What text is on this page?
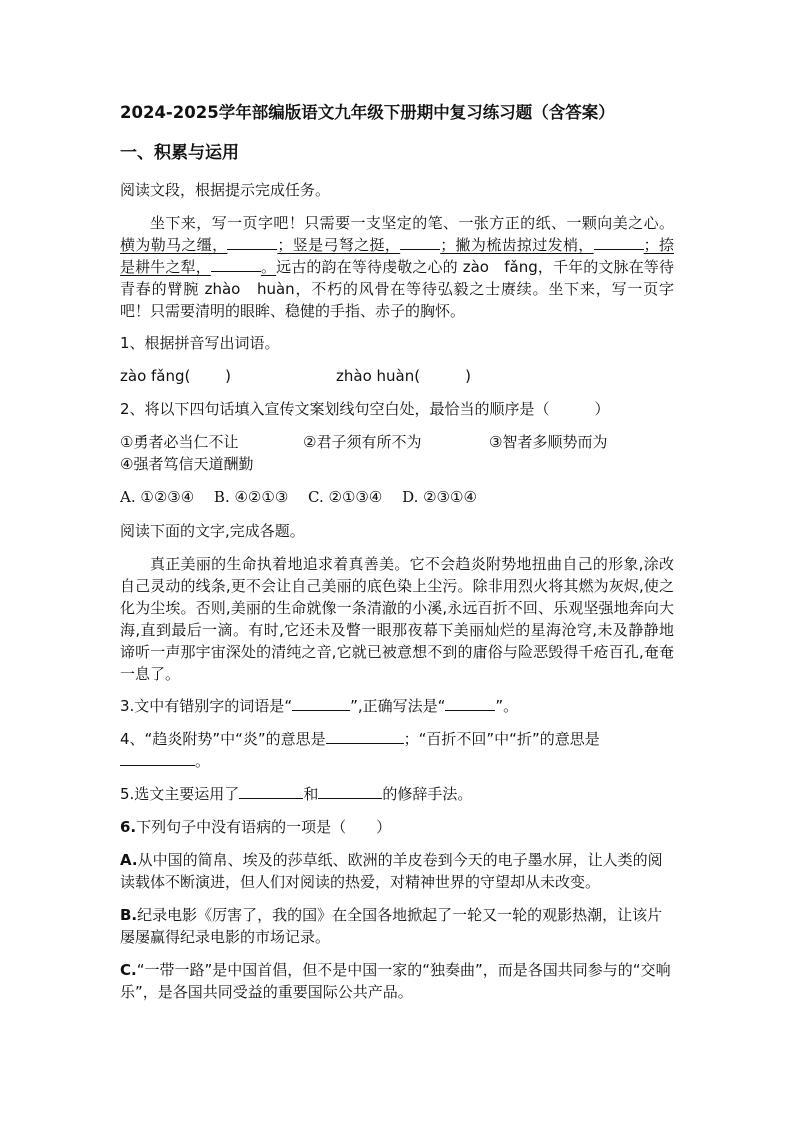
2024-2025学年部编版语文九年级下册期中复习练习题（含答案）
一、积累与运用
阅读文段，根据提示完成任务。
坐下来，写一页字吧！只需要一支坚定的笔、一张方正的纸、一颗向美之心。横为勒马之缰，	；竖是弓弩之挺，	；撇为梳齿掠过发梢，	；捺是耕牛之犁，	。远古的韵在等待虔敬之心的 zào　fǎng，千年的文脉在等待青春的臂腕 zhào　huàn，不朽的风骨在等待弘毅之士赓续。坐下来，写一页字吧！只需要清明的眼眸、稳健的手指、赤子的胸怀。
1、根据拼音写出词语。
zào fǎng(　　 )	zhào huàn(　　　)
2、将以下四句话填入宣传文案划线句空白处，最恰当的顺序是（　　　）
①勇者必当仁不让	②君子须有所不为	③智者多顺势而为
④强者笃信天道酬勤
A. ①②③④　 B. ④②①③　 C. ②①③④　 D. ②③①④
阅读下面的文字,完成各题。
真正美丽的生命执着地追求着真善美。它不会趋炎附势地扭曲自己的形象,涂改自己灵动的线条,更不会让自己美丽的底色染上尘污。除非用烈火将其燃为灰烬,使之化为尘埃。否则,美丽的生命就像一条清澈的小溪,永远百折不回、乐观坚强地奔向大海,直到最后一滴。有时,它还未及瞥一眼那夜幕下美丽灿烂的星海沧穹,未及静静地谛听一声那宇宙深处的清纯之音,它就已被意想不到的庸俗与险恶毁得千疮百孔,奄奄一息了。
3.文中有错别字的词语是“	”,正确写法是“	”。
4、“趋炎附势”中“炎”的意思是	；“百折不回”中“折”的意思是。
5.选文主要运用了	和	的修辞手法。
6.下列句子中没有语病的一项是（　　）
A.从中国的简帛、埃及的莎草纸、欧洲的羊皮卷到今天的电子墨水屏，让人类的阅读载体不断演进，但人们对阅读的热爱，对精神世界的守望却从未改变。
B.纪录电影《厉害了，我的国》在全国各地掀起了一轮又一轮的观影热潮，让该片屡屡赢得纪录电影的市场记录。
C.“一带一路”是中国首倡，但不是中国一家的“独奏曲”，而是各国共同参与的“交响乐”，是各国共同受益的重要国际公共产品。
